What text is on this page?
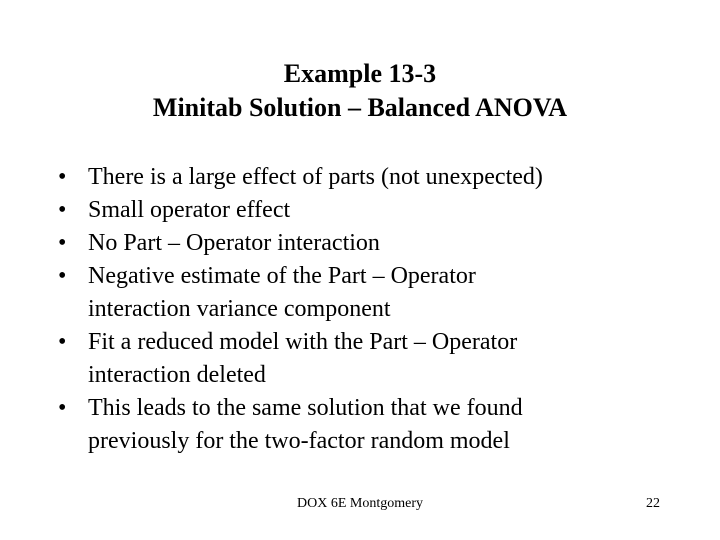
Example 13-3
Minitab Solution – Balanced ANOVA
• There is a large effect of parts (not unexpected)
• Small operator effect
• No Part – Operator interaction
• Negative estimate of the Part – Operator
interaction variance component
• Fit a reduced model with the Part – Operator
interaction deleted
• This leads to the same solution that we found
previously for the two-factor random model
DOX 6E Montgomery	22
